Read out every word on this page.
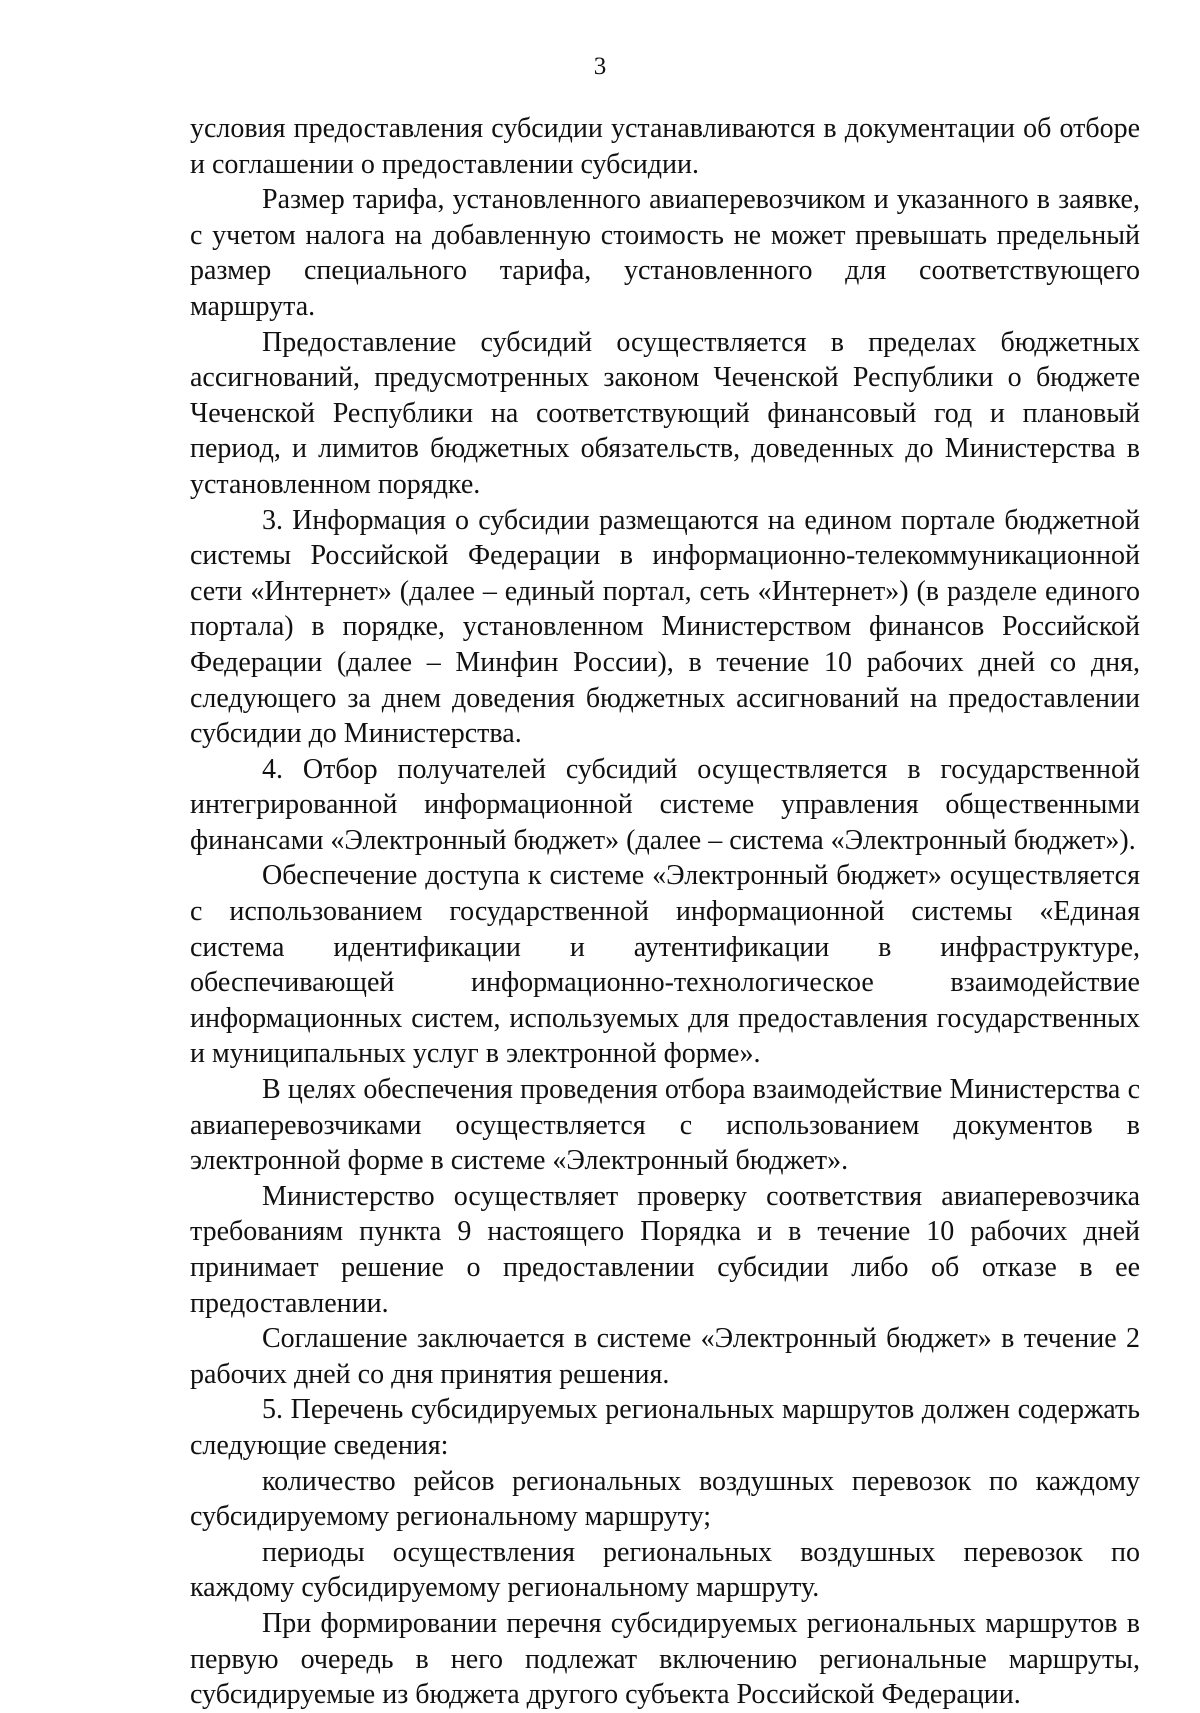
3

условия предоставления субсидии устанавливаются в документации об отборе и соглашении о предоставлении субсидии.

Размер тарифа, установленного авиаперевозчиком и указанного в заявке, с учетом налога на добавленную стоимость не может превышать предельный размер специального тарифа, установленного для соответствующего маршрута.

Предоставление субсидий осуществляется в пределах бюджетных ассигнований, предусмотренных законом Чеченской Республики о бюджете Чеченской Республики на соответствующий финансовый год и плановый период, и лимитов бюджетных обязательств, доведенных до Министерства в установленном порядке.

3. Информация о субсидии размещаются на едином портале бюджетной системы Российской Федерации в информационно-телекоммуникационной сети «Интернет» (далее – единый портал, сеть «Интернет») (в разделе единого портала) в порядке, установленном Министерством финансов Российской Федерации (далее – Минфин России), в течение 10 рабочих дней со дня, следующего за днем доведения бюджетных ассигнований на предоставлении субсидии до Министерства.

4. Отбор получателей субсидий осуществляется в государственной интегрированной информационной системе управления общественными финансами «Электронный бюджет» (далее – система «Электронный бюджет»).

Обеспечение доступа к системе «Электронный бюджет» осуществляется с использованием государственной информационной системы «Единая система идентификации и аутентификации в инфраструктуре, обеспечивающей информационно-технологическое взаимодействие информационных систем, используемых для предоставления государственных и муниципальных услуг в электронной форме».

В целях обеспечения проведения отбора взаимодействие Министерства с авиаперевозчиками осуществляется с использованием документов в электронной форме в системе «Электронный бюджет».

Министерство осуществляет проверку соответствия авиаперевозчика требованиям пункта 9 настоящего Порядка и в течение 10 рабочих дней принимает решение о предоставлении субсидии либо об отказе в ее предоставлении.

Соглашение заключается в системе «Электронный бюджет» в течение 2 рабочих дней со дня принятия решения.

5. Перечень субсидируемых региональных маршрутов должен содержать следующие сведения:

количество рейсов региональных воздушных перевозок по каждому субсидируемому региональному маршруту;

периоды осуществления региональных воздушных перевозок по каждому субсидируемому региональному маршруту.

При формировании перечня субсидируемых региональных маршрутов в первую очередь в него подлежат включению региональные маршруты, субсидируемые из бюджета другого субъекта Российской Федерации.
